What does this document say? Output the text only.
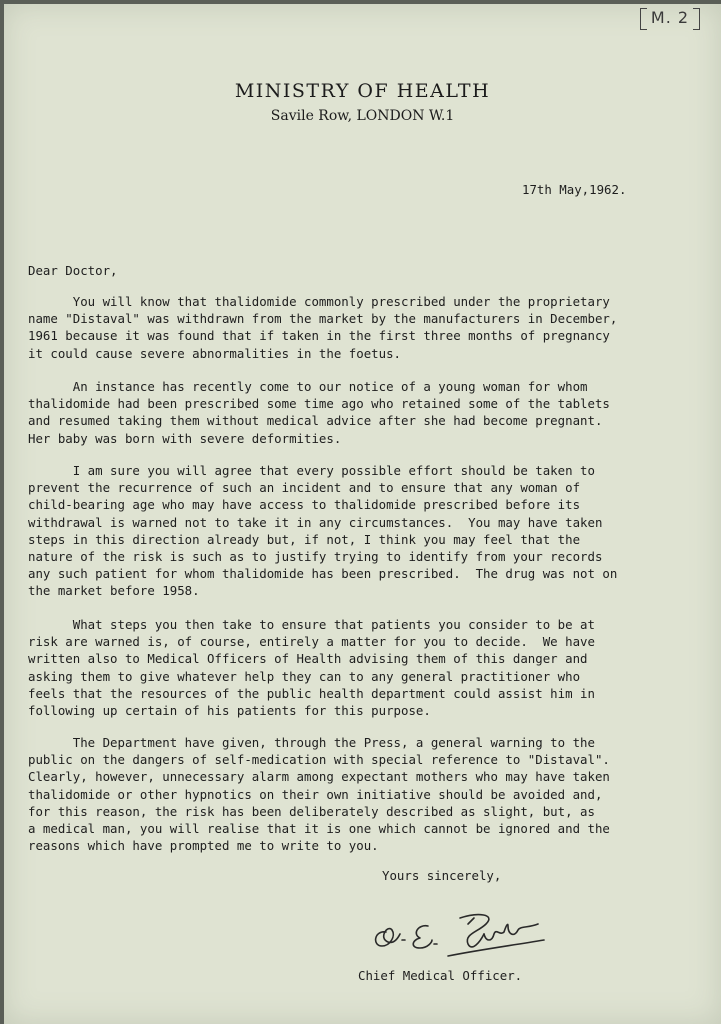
M. 2
MINISTRY OF HEALTH
Savile Row, LONDON W.1
17th May,1962.
Dear Doctor,
You will know that thalidomide commonly prescribed under the proprietary
name "Distaval" was withdrawn from the market by the manufacturers in December,
1961 because it was found that if taken in the first three months of pregnancy
it could cause severe abnormalities in the foetus.
An instance has recently come to our notice of a young woman for whom
thalidomide had been prescribed some time ago who retained some of the tablets
and resumed taking them without medical advice after she had become pregnant.
Her baby was born with severe deformities.
I am sure you will agree that every possible effort should be taken to
prevent the recurrence of such an incident and to ensure that any woman of
child-bearing age who may have access to thalidomide prescribed before its
withdrawal is warned not to take it in any circumstances.  You may have taken
steps in this direction already but, if not, I think you may feel that the
nature of the risk is such as to justify trying to identify from your records
any such patient for whom thalidomide has been prescribed.  The drug was not on
the market before 1958.
What steps you then take to ensure that patients you consider to be at
risk are warned is, of course, entirely a matter for you to decide.  We have
written also to Medical Officers of Health advising them of this danger and
asking them to give whatever help they can to any general practitioner who
feels that the resources of the public health department could assist him in
following up certain of his patients for this purpose.
The Department have given, through the Press, a general warning to the
public on the dangers of self-medication with special reference to "Distaval".
Clearly, however, unnecessary alarm among expectant mothers who may have taken
thalidomide or other hypnotics on their own initiative should be avoided and,
for this reason, the risk has been deliberately described as slight, but, as
a medical man, you will realise that it is one which cannot be ignored and the
reasons which have prompted me to write to you.
Yours sincerely,
Chief Medical Officer.
